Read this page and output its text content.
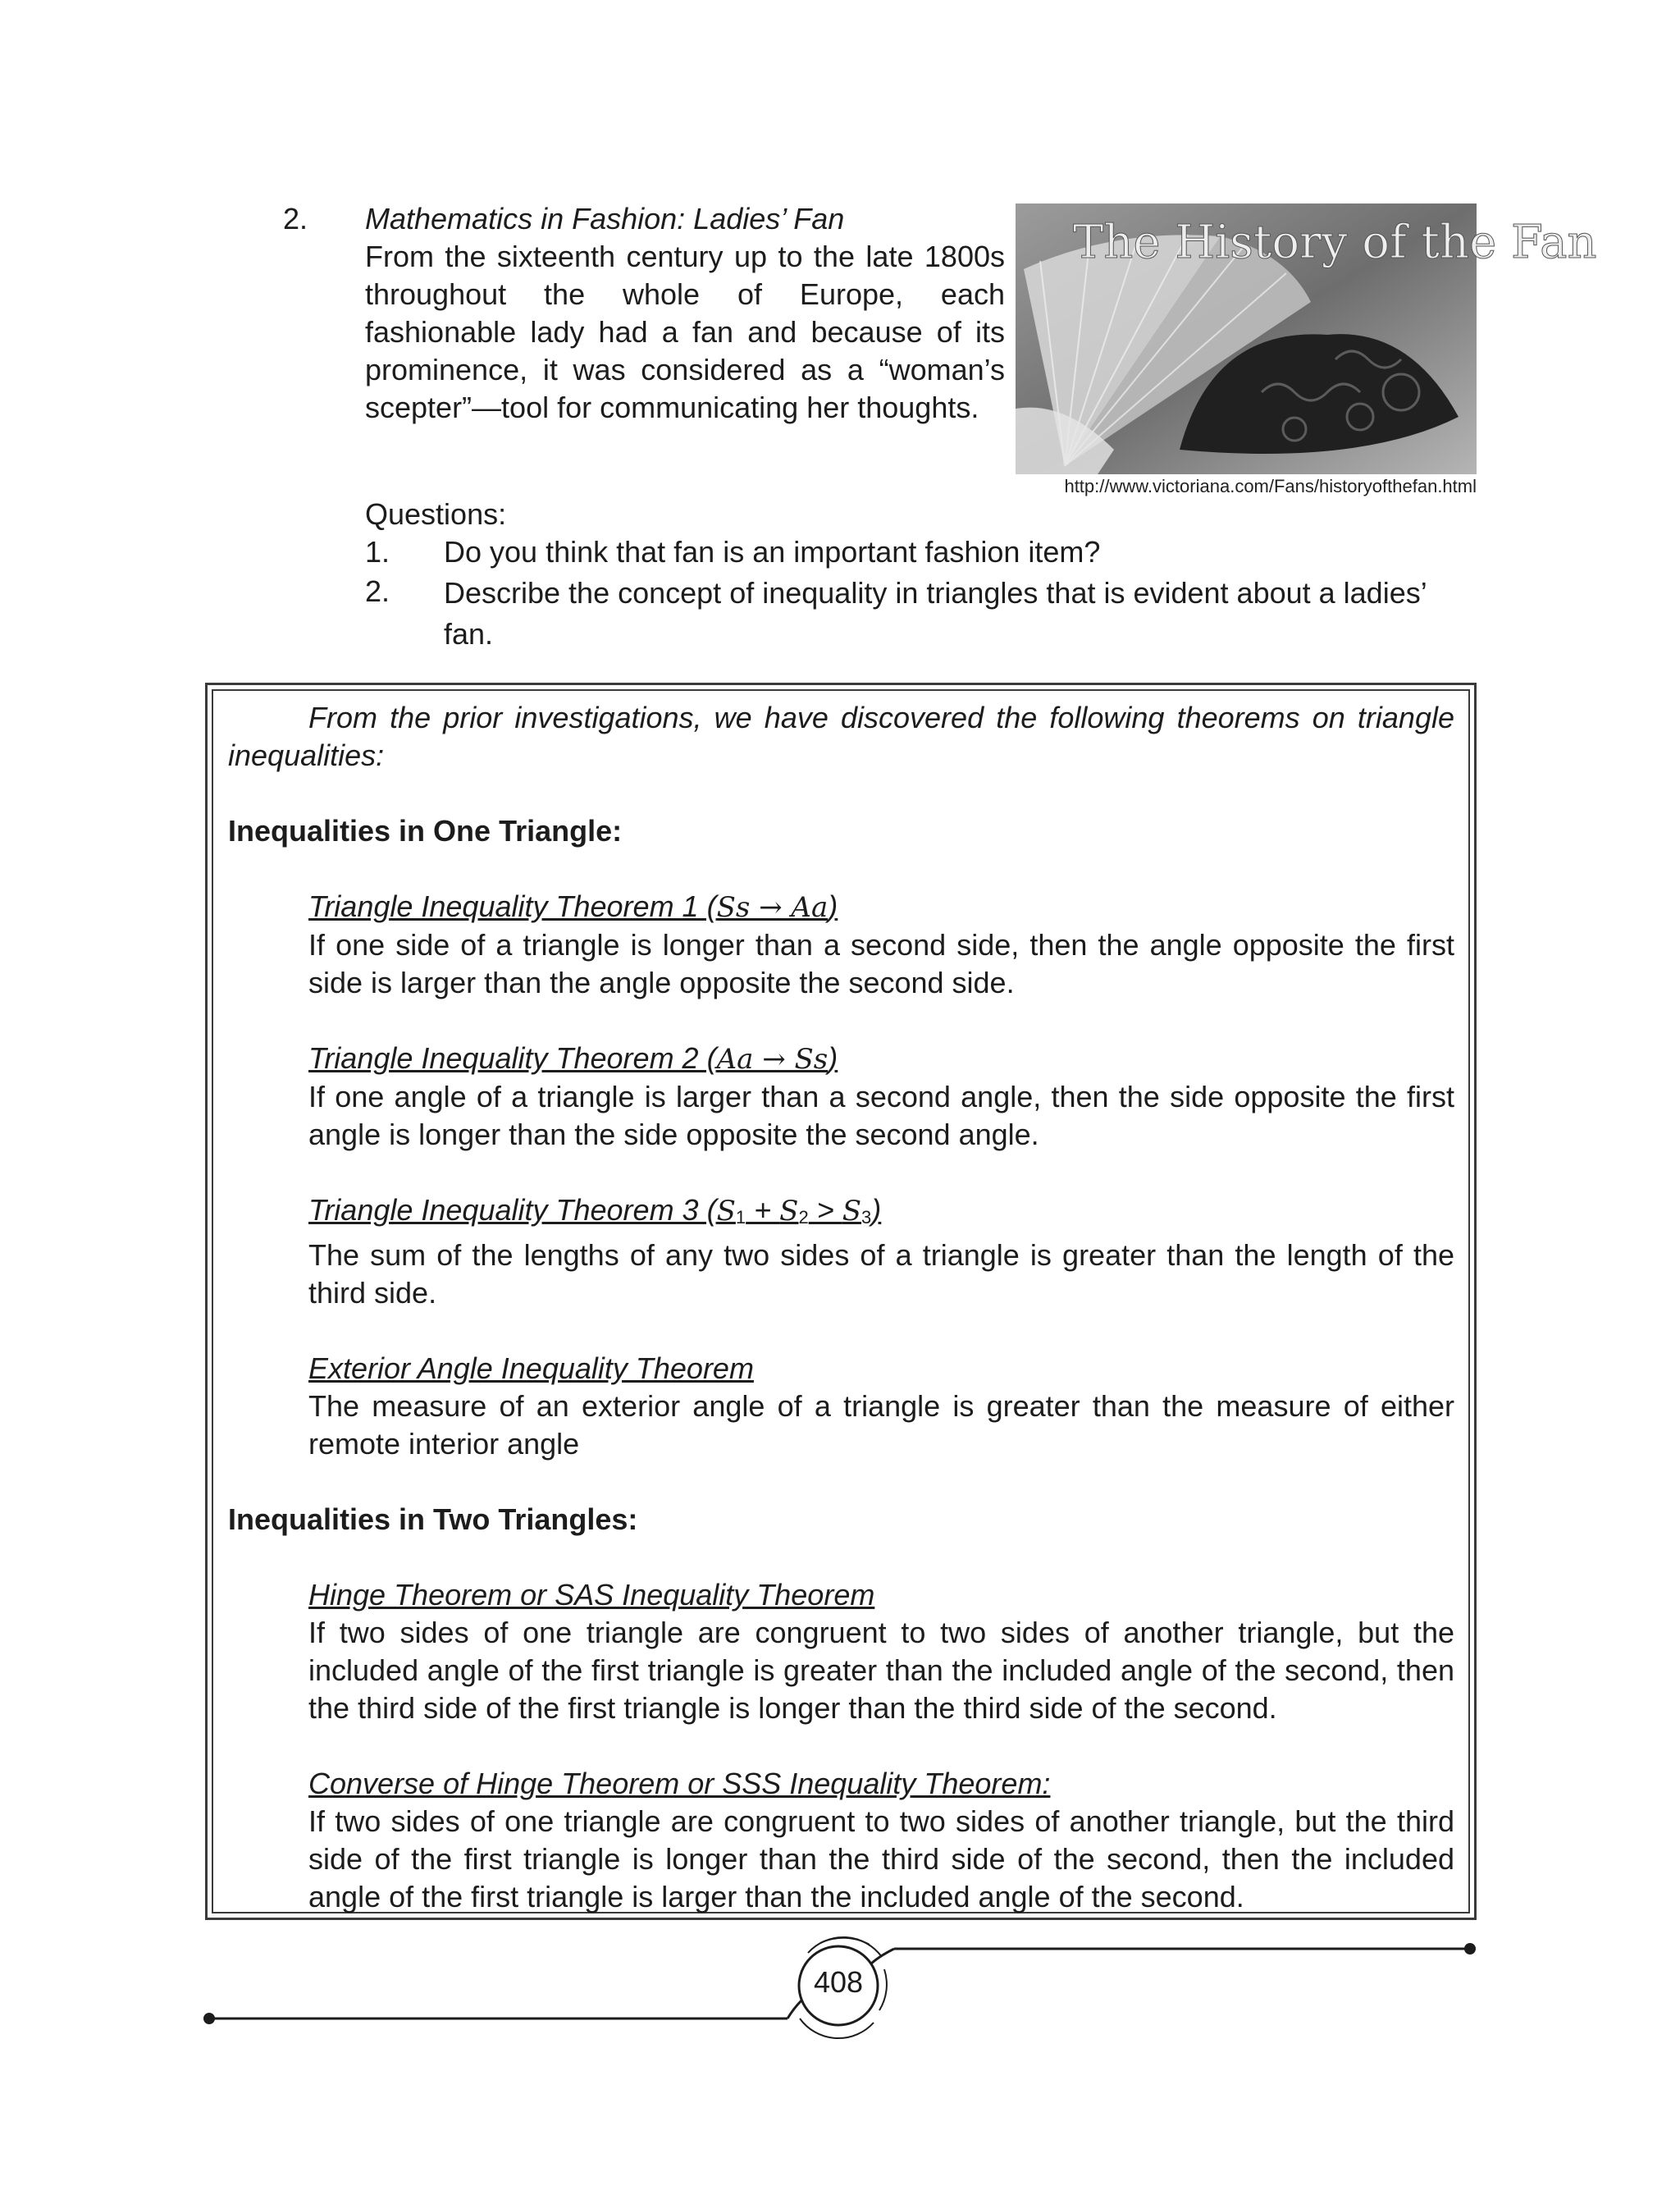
2. Mathematics in Fashion: Ladies’ Fan
From the sixteenth century up to the late 1800s throughout the whole of Europe, each fashionable lady had a fan and because of its prominence, it was considered as a “woman’s scepter”—tool for communicating her thoughts.
The History of the Fan
http://www.victoriana.com/Fans/historyofthefan.html
Questions:
1. Do you think that fan is an important fashion item?
2. Describe the concept of inequality in triangles that is evident about a ladies’ fan.

From the prior investigations, we have discovered the following theorems on triangle inequalities:

Inequalities in One Triangle:
Triangle Inequality Theorem 1 (Ss → Aa)
If one side of a triangle is longer than a second side, then the angle opposite the first side is larger than the angle opposite the second side.
Triangle Inequality Theorem 2 (Aa → Ss)
If one angle of a triangle is larger than a second angle, then the side opposite the first angle is longer than the side opposite the second angle.
Triangle Inequality Theorem 3 (S1 + S2 > S3)
The sum of the lengths of any two sides of a triangle is greater than the length of the third side.
Exterior Angle Inequality Theorem
The measure of an exterior angle of a triangle is greater than the measure of either remote interior angle
Inequalities in Two Triangles:
Hinge Theorem or SAS Inequality Theorem
If two sides of one triangle are congruent to two sides of another triangle, but the included angle of the first triangle is greater than the included angle of the second, then the third side of the first triangle is longer than the third side of the second.
Converse of Hinge Theorem or SSS Inequality Theorem:
If two sides of one triangle are congruent to two sides of another triangle, but the third side of the first triangle is longer than the third side of the second, then the included angle of the first triangle is larger than the included angle of the second.
408
